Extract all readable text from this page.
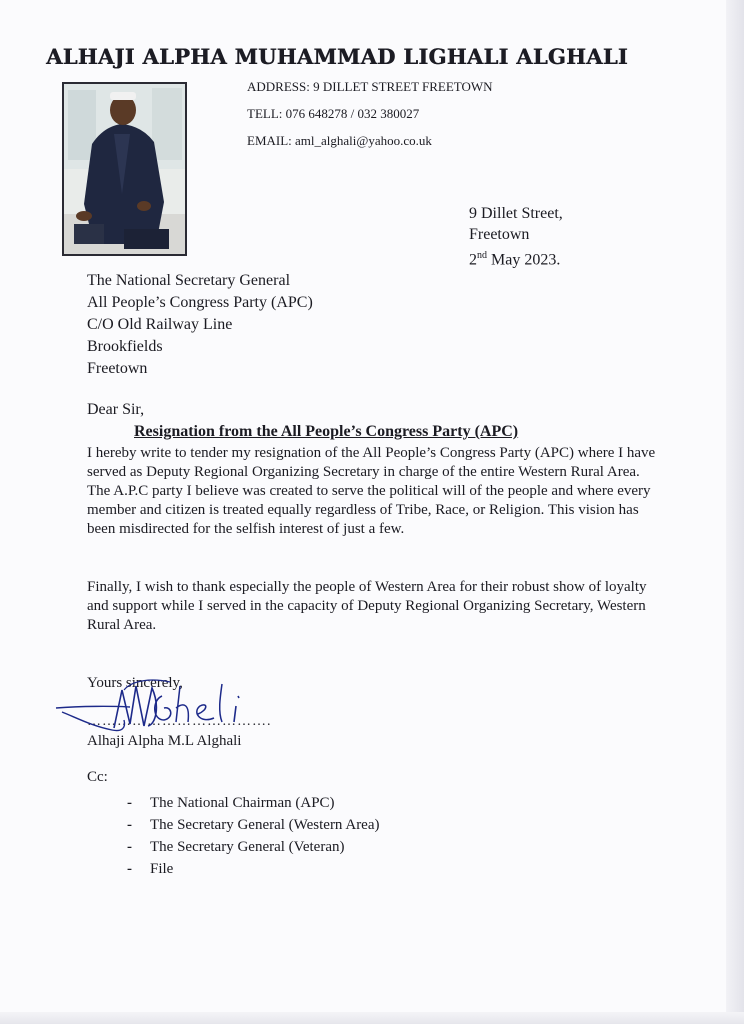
ALHAJI ALPHA MUHAMMAD LIGHALI ALGHALI
ADDRESS: 9 DILLET STREET FREETOWN
TELL: 076 648278 / 032 380027
EMAIL: aml_alghali@yahoo.co.uk
9 Dillet Street,
Freetown
2nd May 2023.
The National Secretary General
All People’s Congress Party (APC)
C/O Old Railway Line
Brookfields
Freetown
Dear Sir,
Resignation from the All People’s Congress Party (APC)
I hereby write to tender my resignation of the All People’s Congress Party (APC) where I have served as Deputy Regional Organizing Secretary in charge of the entire Western Rural Area. The A.P.C party I believe was created to serve the political will of the people and where every member and citizen is treated equally regardless of Tribe, Race, or Religion. This vision has been misdirected for the selfish interest of just a few.
Finally, I wish to thank especially the people of Western Area for their robust show of loyalty and support while I served in the capacity of Deputy Regional Organizing Secretary, Western Rural Area.
Yours sincerely,
……………………………….
Alhaji Alpha M.L Alghali
Cc:
-	The National Chairman (APC)
-	The Secretary General (Western Area)
-	The Secretary General (Veteran)
-	File
